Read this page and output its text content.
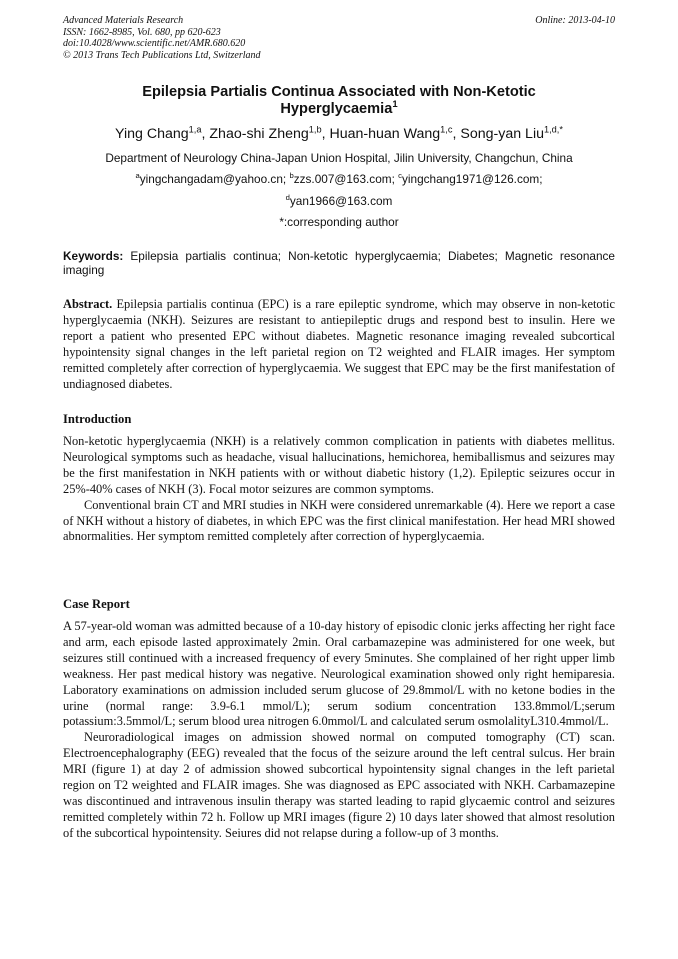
Advanced Materials Research
ISSN: 1662-8985, Vol. 680, pp 620-623
doi:10.4028/www.scientific.net/AMR.680.620
© 2013 Trans Tech Publications Ltd, Switzerland
Online: 2013-04-10
Epilepsia Partialis Continua Associated with Non-Ketotic
Hyperglycaemia$^1$
Ying Chang$^{1,a}$, Zhao-shi Zheng$^{1,b}$, Huan-huan Wang$^{1,c}$, Song-yan Liu$^{1,d,*}$
Department of Neurology China-Japan Union Hospital, Jilin University, Changchun, China
$^a$yingchangadam@yahoo.cn; $^b$zzs.007@163.com; $^c$yingchang1971@126.com;
$^d$yan1966@163.com
*:corresponding author
Keywords: Epilepsia partialis continua; Non-ketotic hyperglycaemia; Diabetes; Magnetic resonance imaging
Abstract. Epilepsia partialis continua (EPC) is a rare epileptic syndrome, which may observe in non-ketotic hyperglycaemia (NKH). Seizures are resistant to antiepileptic drugs and respond best to insulin. Here we report a patient who presented EPC without diabetes. Magnetic resonance imaging revealed subcortical hypointensity signal changes in the left parietal region on T2 weighted and FLAIR images. Her symptom remitted completely after correction of hyperglycaemia. We suggest that EPC may be the first manifestation of undiagnosed diabetes.
Introduction

Non-ketotic hyperglycaemia (NKH) is a relatively common complication in patients with diabetes mellitus. Neurological symptoms such as headache, visual hallucinations, hemichorea, hemiballismus and seizures may be the first manifestation in NKH patients with or without diabetic history (1,2). Epileptic seizures occur in 25%-40% cases of NKH (3). Focal motor seizures are common symptoms.

Conventional brain CT and MRI studies in NKH were considered unremarkable (4). Here we report a case of NKH without a history of diabetes, in which EPC was the first clinical manifestation. Her head MRI showed abnormalities. Her symptom remitted completely after correction of hyperglycaemia.

Case Report

A 57-year-old woman was admitted because of a 10-day history of episodic clonic jerks affecting her right face and arm, each episode lasted approximately 2min. Oral carbamazepine was administered for one week, but seizures still continued with a increased frequency of every 5minutes. She complained of her right upper limb weakness. Her past medical history was negative. Neurological examination showed only right hemiparesia. Laboratory examinations on admission included serum glucose of 29.8mmol/L with no ketone bodies in the urine (normal range: 3.9-6.1 mmol/L); serum sodium concentration 133.8mmol/L;serum potassium:3.5mmol/L; serum blood urea nitrogen 6.0mmol/L and calculated serum osmolalityL310.4mmol/L.

Neuroradiological images on admission showed normal on computed tomography (CT) scan. Electroencephalography (EEG) revealed that the focus of the seizure around the left central sulcus. Her brain MRI (figure 1) at day 2 of admission showed subcortical hypointensity signal changes in the left parietal region on T2 weighted and FLAIR images. She was diagnosed as EPC associated with NKH. Carbamazepine was discontinued and intravenous insulin therapy was started leading to rapid glycaemic control and seizures remitted completely within 72 h. Follow up MRI images (figure 2) 10 days later showed that almost resolution of the subcortical hypointensity. Seiures did not relapse during a follow-up of 3 months.
